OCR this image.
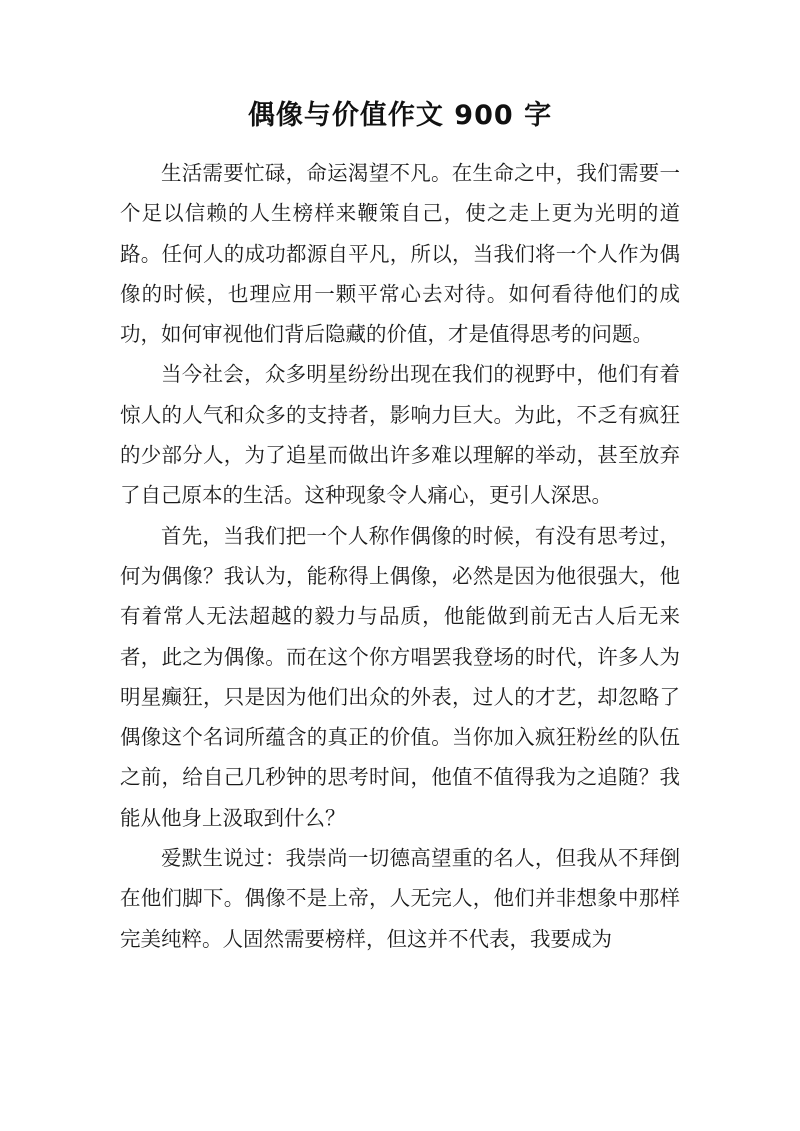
偶像与价值作文 900 字

生活需要忙碌，命运渴望不凡。在生命之中，我们需要一个足以信赖的人生榜样来鞭策自己，使之走上更为光明的道路。任何人的成功都源自平凡，所以，当我们将一个人作为偶像的时候，也理应用一颗平常心去对待。如何看待他们的成功，如何审视他们背后隐藏的价值，才是值得思考的问题。

当今社会，众多明星纷纷出现在我们的视野中，他们有着惊人的人气和众多的支持者，影响力巨大。为此，不乏有疯狂的少部分人，为了追星而做出许多难以理解的举动，甚至放弃了自己原本的生活。这种现象令人痛心，更引人深思。

首先，当我们把一个人称作偶像的时候，有没有思考过，何为偶像？我认为，能称得上偶像，必然是因为他很强大，他有着常人无法超越的毅力与品质，他能做到前无古人后无来者，此之为偶像。而在这个你方唱罢我登场的时代，许多人为明星癫狂，只是因为他们出众的外表，过人的才艺，却忽略了偶像这个名词所蕴含的真正的价值。当你加入疯狂粉丝的队伍之前，给自己几秒钟的思考时间，他值不值得我为之追随？我能从他身上汲取到什么？

爱默生说过：我崇尚一切德高望重的名人，但我从不拜倒在他们脚下。偶像不是上帝，人无完人，他们并非想象中那样完美纯粹。人固然需要榜样，但这并不代表，我要成为
